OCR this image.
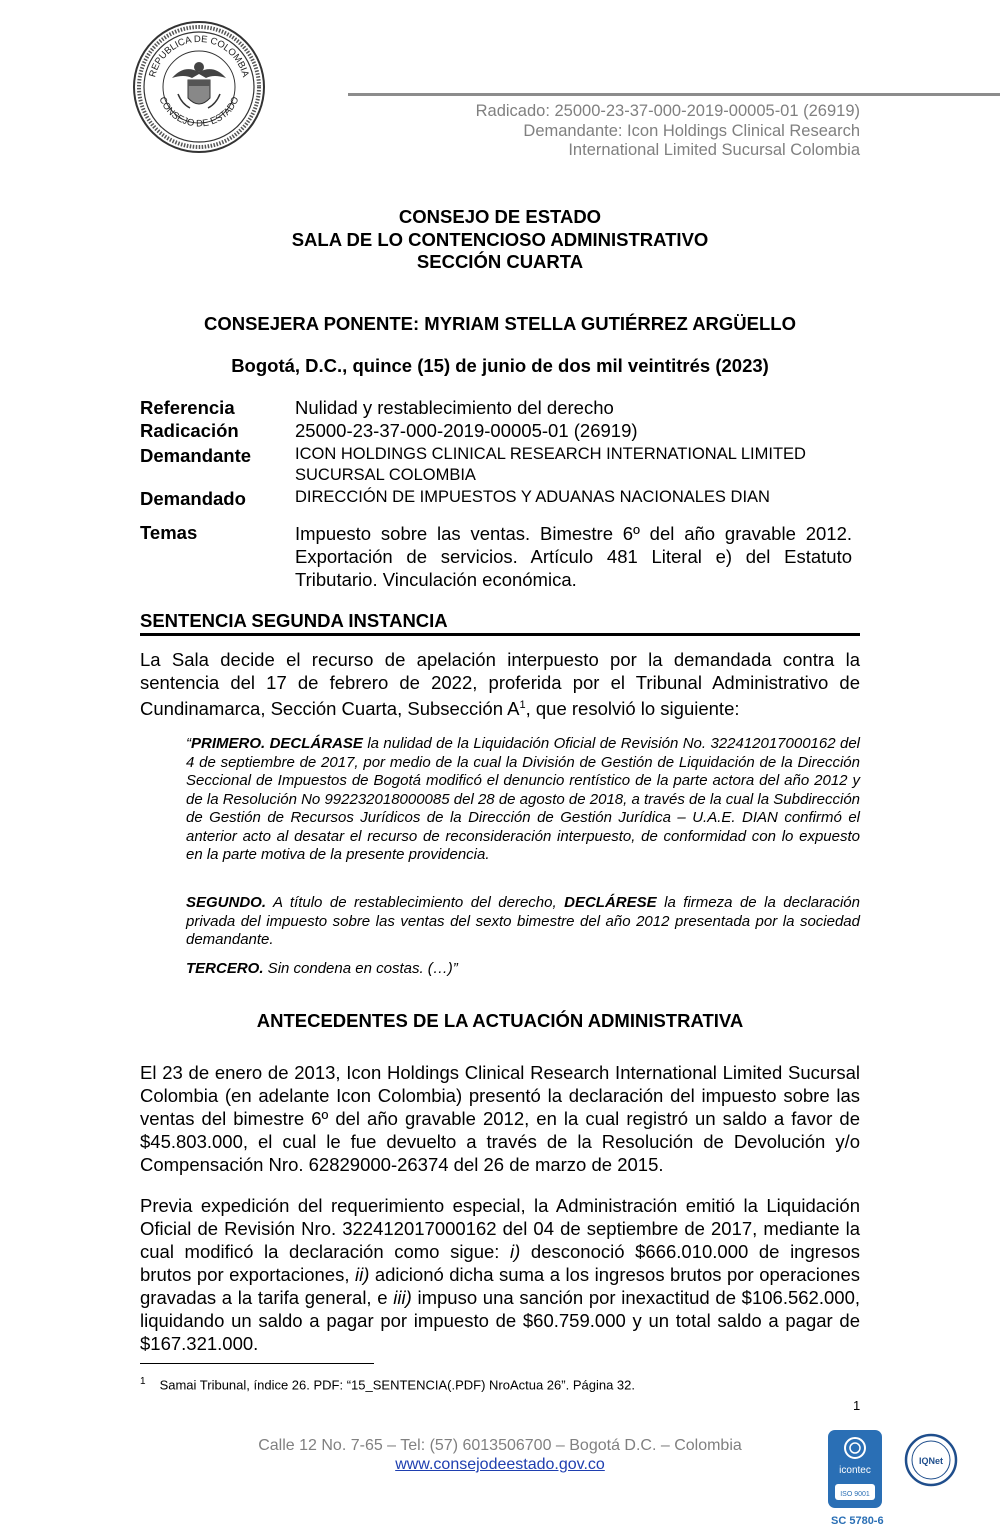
REPUBLICA DE COLOMBIA
CONSEJO DE ESTADO
Radicado: 25000-23-37-000-2019-00005-01 (26919)
Demandante: Icon Holdings Clinical Research
International Limited Sucursal Colombia
CONSEJO DE ESTADO
SALA DE LO CONTENCIOSO ADMINISTRATIVO
SECCIÓN CUARTA
CONSEJERA PONENTE: MYRIAM STELLA GUTIÉRREZ ARGÜELLO
Bogotá, D.C., quince (15) de junio de dos mil veintitrés (2023)
Referencia	Nulidad y restablecimiento del derecho
Radicación	25000-23-37-000-2019-00005-01 (26919)
Demandante	ICON HOLDINGS CLINICAL RESEARCH INTERNATIONAL LIMITED
SUCURSAL COLOMBIA

Demandado	DIRECCIÓN DE IMPUESTOS Y ADUANAS NACIONALES DIAN
Temas	Impuesto sobre las ventas. Bimestre 6º del año gravable 2012. Exportación de servicios. Artículo 481 Literal e) del Estatuto Tributario. Vinculación económica.
SENTENCIA SEGUNDA INSTANCIA
La Sala decide el recurso de apelación interpuesto por la demandada contra la sentencia del 17 de febrero de 2022, proferida por el Tribunal Administrativo de Cundinamarca, Sección Cuarta, Subsección $A^1$, que resolvió lo siguiente:
“PRIMERO. DECLÁRASE la nulidad de la Liquidación Oficial de Revisión No. 322412017000162 del 4 de septiembre de 2017, por medio de la cual la División de Gestión de Liquidación de la Dirección Seccional de Impuestos de Bogotá modificó el denuncio rentístico de la parte actora del año 2012 y de la Resolución No 992232018000085 del 28 de agosto de 2018, a través de la cual la Subdirección de Gestión de Recursos Jurídicos de la Dirección de Gestión Jurídica – U.A.E. DIAN confirmó el anterior acto al desatar el recurso de reconsideración interpuesto, de conformidad con lo expuesto en la parte motiva de la presente providencia.
SEGUNDO. A título de restablecimiento del derecho, DECLÁRESE la firmeza de la declaración privada del impuesto sobre las ventas del sexto bimestre del año 2012 presentada por la sociedad demandante.
TERCERO. Sin condena en costas. (…)”
ANTECEDENTES DE LA ACTUACIÓN ADMINISTRATIVA
El 23 de enero de 2013, Icon Holdings Clinical Research International Limited Sucursal Colombia (en adelante Icon Colombia) presentó la declaración del impuesto sobre las ventas del bimestre 6º del año gravable 2012, en la cual registró un saldo a favor de $45.803.000, el cual le fue devuelto a través de la Resolución de Devolución y/o Compensación Nro. 62829000-26374 del 26 de marzo de 2015.
Previa expedición del requerimiento especial, la Administración emitió la Liquidación Oficial de Revisión Nro. 322412017000162 del 04 de septiembre de 2017, mediante la cual modificó la declaración como sigue: i) desconoció $666.010.000 de ingresos brutos por exportaciones, ii) adicionó dicha suma a los ingresos brutos por operaciones gravadas a la tarifa general, e iii) impuso una sanción por inexactitud de $106.562.000, liquidando un saldo a pagar por impuesto de $60.759.000 y un total saldo a pagar de $167.321.000.
$^1$ Samai Tribunal, índice 26. PDF: “15_SENTENCIA(.PDF) NroActua 26”. Página 32.
1
Calle 12 No. 7-65 – Tel: (57) 6013506700 – Bogotá D.C. – Colombia
www.consejodeestado.gov.co	icontec
ISO 9001
IQNet
SC 5780-6
